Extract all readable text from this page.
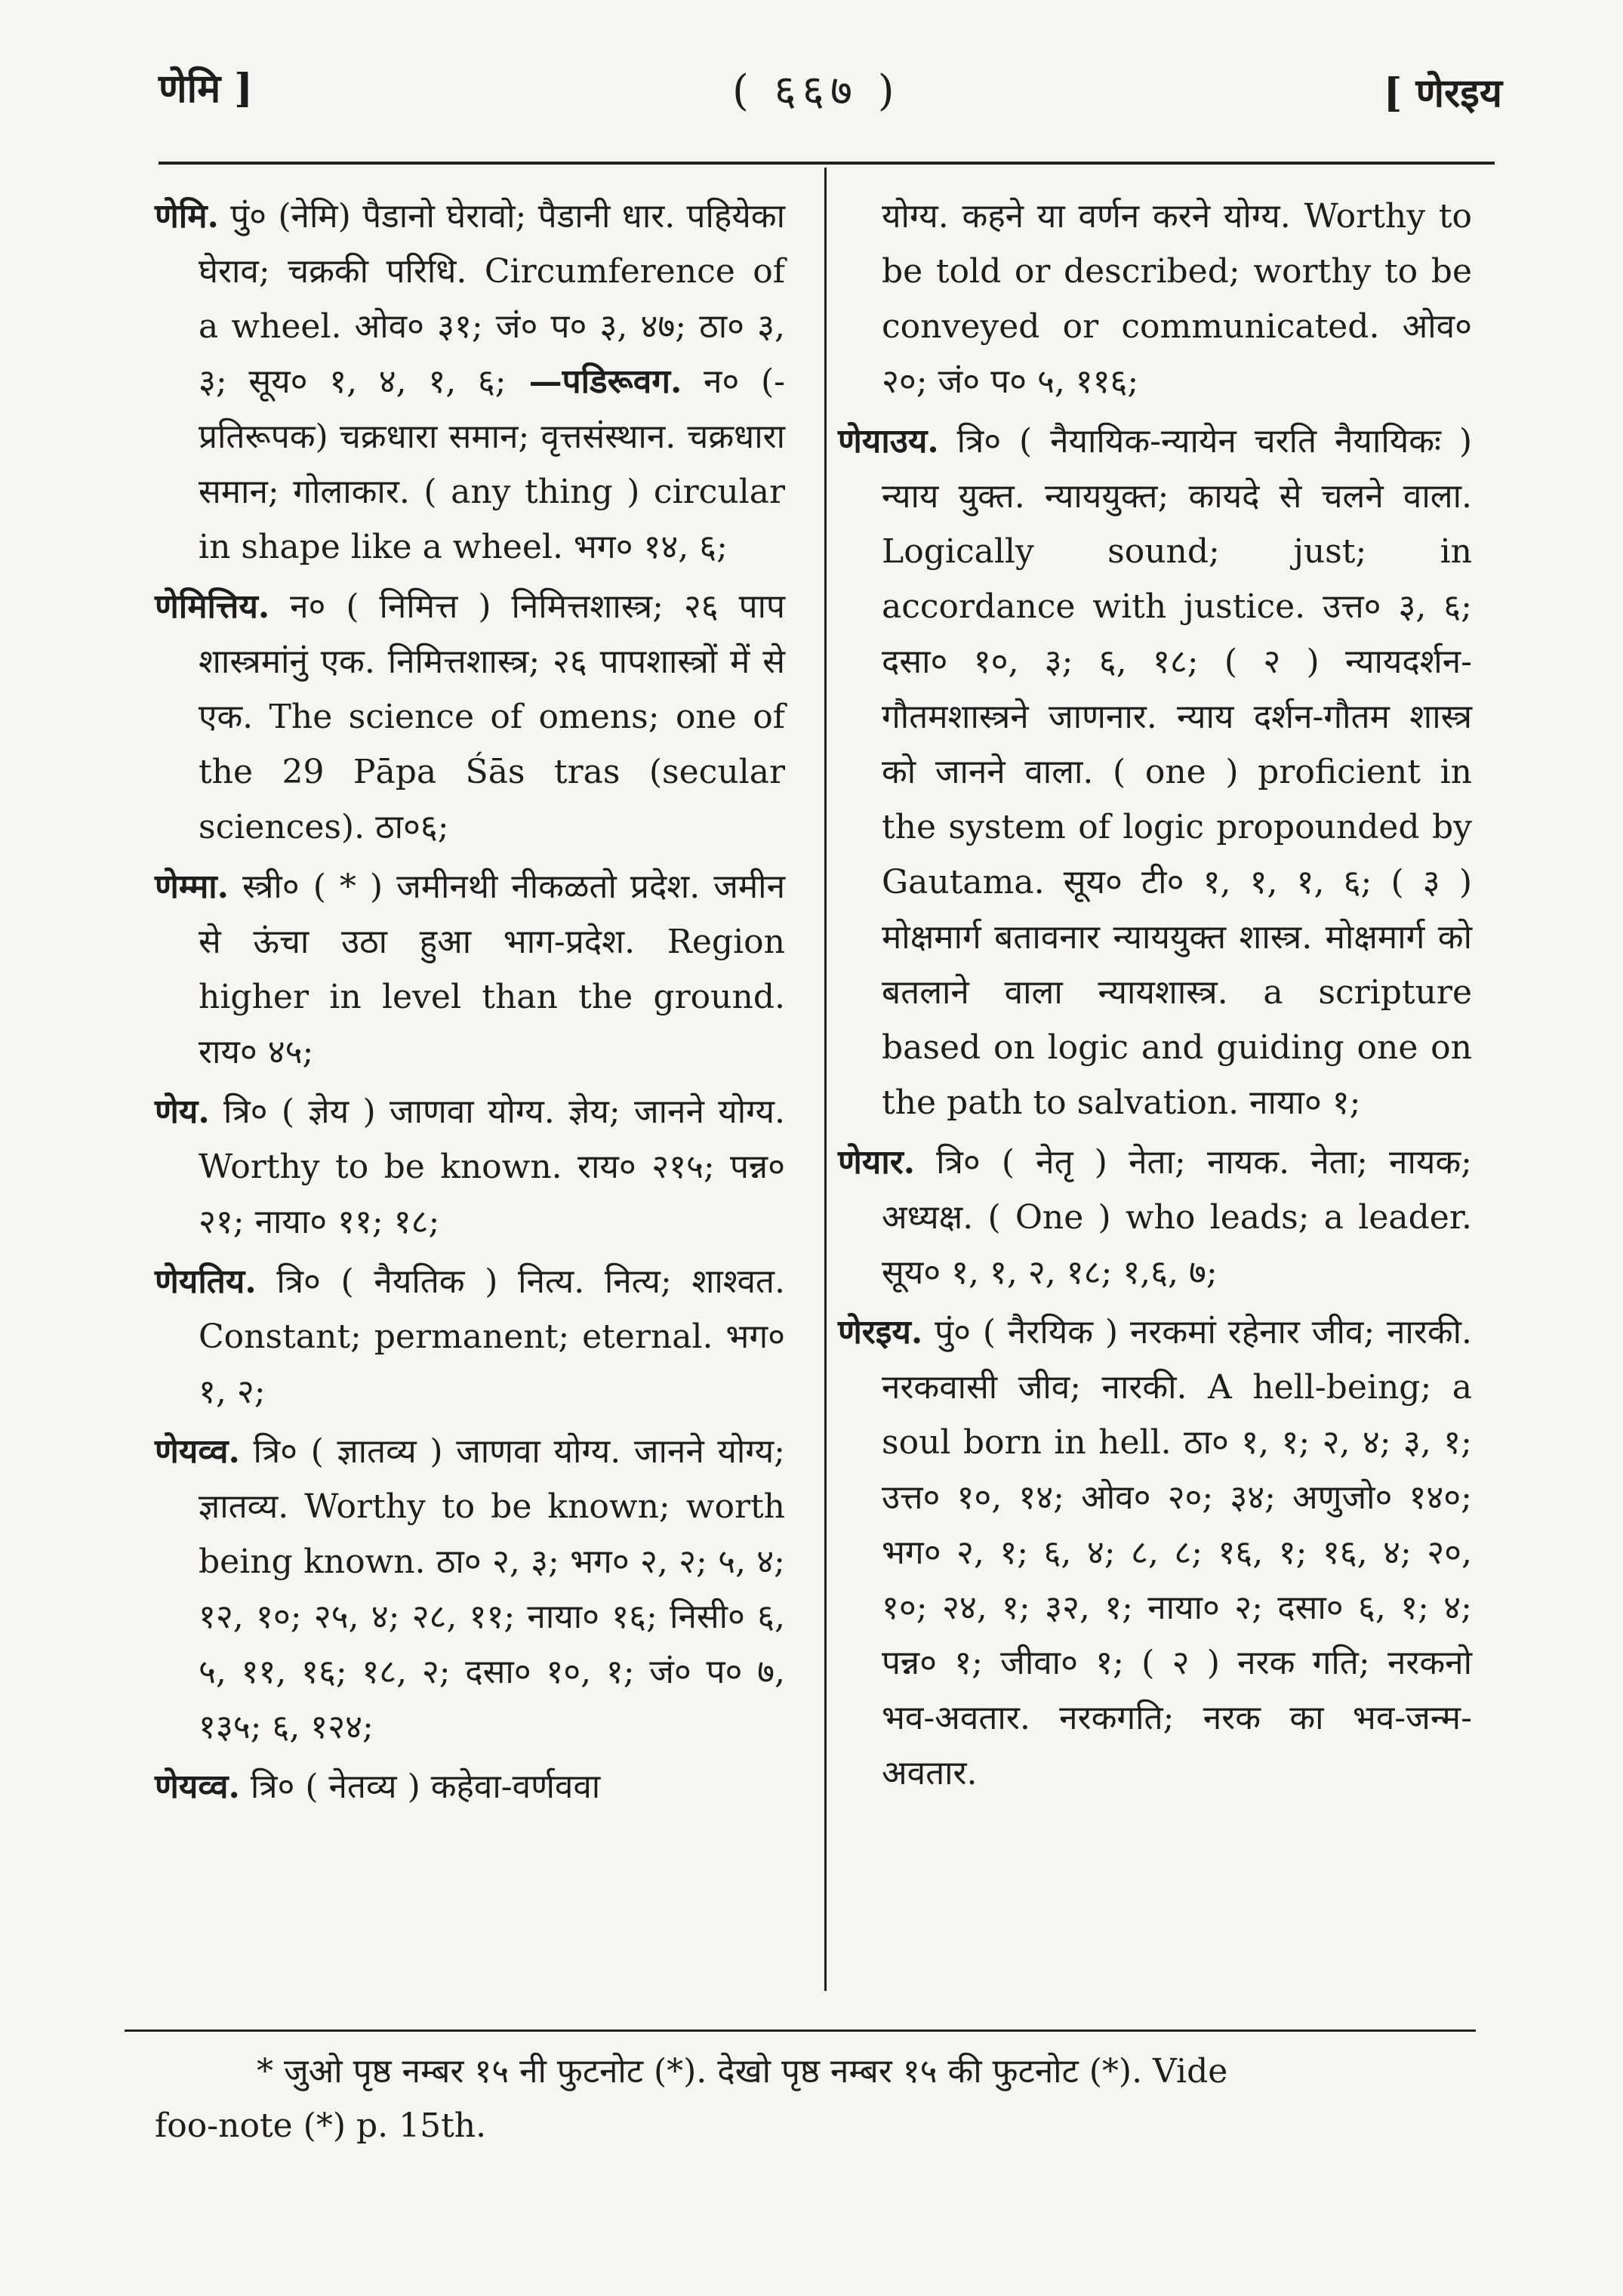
णेमि ]	( ६६७ )	[ णेरइय

णेमि. पुं० (नेमि) पैडानो घेरावो; पैडानी धार. पहियेका घेराव; चक्रकी परिधि. Circumference of a wheel. ओव० ३१; जं० प० ३, ४७; ठा० ३, ३; सूय० १, ४, १, ६; —पडिरूवग. न० (-प्रतिरूपक) चक्रधारा समान; वृत्तसंस्थान. चक्रधारा समान; गोलाकार. ( any thing ) circular in shape like a wheel. भग० १४, ६;

णेमित्तिय. न० ( निमित्त ) निमित्तशास्त्र; २६ पाप शास्त्रमांनुं एक. निमित्तशास्त्र; २६ पापशास्त्रों में से एक. The science of omens; one of the 29 Pāpa Śās tras (secular sciences). ठा०६;

णेम्मा. स्त्री० ( * ) जमीनथी नीकळतो प्रदेश. जमीन से ऊंचा उठा हुआ भाग-प्रदेश. Region higher in level than the ground. राय० ४५;

णेय. त्रि० ( ज्ञेय ) जाणवा योग्य. ज्ञेय; जानने योग्य. Worthy to be known. राय० २१५; पन्न० २१; नाया० ११; १८;

णेयतिय. त्रि० ( नैयतिक ) नित्य. नित्य; शाश्वत. Constant; permanent; eternal. भग० १, २;

णेयव्व. त्रि० ( ज्ञातव्य ) जाणवा योग्य. जानने योग्य; ज्ञातव्य. Worthy to be known; worth being known. ठा० २, ३; भग० २, २; ५, ४; १२, १०; २५, ४; २८, ११; नाया० १६; निसी० ६, ५, ११, १६; १८, २; दसा० १०, १; जं० प० ७, १३५; ६, १२४;

णेयव्व. त्रि० ( नेतव्य ) कहेवा-वर्णववा

योग्य. कहने या वर्णन करने योग्य. Worthy to be told or described; worthy to be conveyed or communicated. ओव० २०; जं० प० ५, ११६;

णेयाउय. त्रि० ( नैयायिक-न्यायेन चरति नैयायिकः ) न्याय युक्त. न्याययुक्त; कायदे से चलने वाला. Logically sound; just; in accordance with justice. उत्त० ३, ६; दसा० १०, ३; ६, १८; ( २ ) न्यायदर्शन-गौतमशास्त्रने जाणनार. न्याय दर्शन-गौतम शास्त्र को जानने वाला. ( one ) proficient in the system of logic propounded by Gautama. सूय० टी० १, १, १, ६; ( ३ ) मोक्षमार्ग बतावनार न्याययुक्त शास्त्र. मोक्षमार्ग को बतलाने वाला न्यायशास्त्र. a scripture based on logic and guiding one on the path to salvation. नाया० १;

णेयार. त्रि० ( नेतृ ) नेता; नायक. नेता; नायक; अध्यक्ष. ( One ) who leads; a leader. सूय० १, १, २, १८; १,६, ७;

णेरइय. पुं० ( नैरयिक ) नरकमां रहेनार जीव; नारकी. नरकवासी जीव; नारकी. A hell-being; a soul born in hell. ठा० १, १; २, ४; ३, १; उत्त० १०, १४; ओव० २०; ३४; अणुजो० १४०; भग० २, १; ६, ४; ८, ८; १६, १; १६, ४; २०, १०; २४, १; ३२, १; नाया० २; दसा० ६, १; ४; पन्न० १; जीवा० १; ( २ ) नरक गति; नरकनो भव-अवतार. नरकगति; नरक का भव-जन्म-अवतार.

* जुओ पृष्ठ नम्बर १५ नी फुटनोट (*). देखो पृष्ठ नम्बर १५ की फुटनोट (*). Vide
foo-note (*) p. 15th.
